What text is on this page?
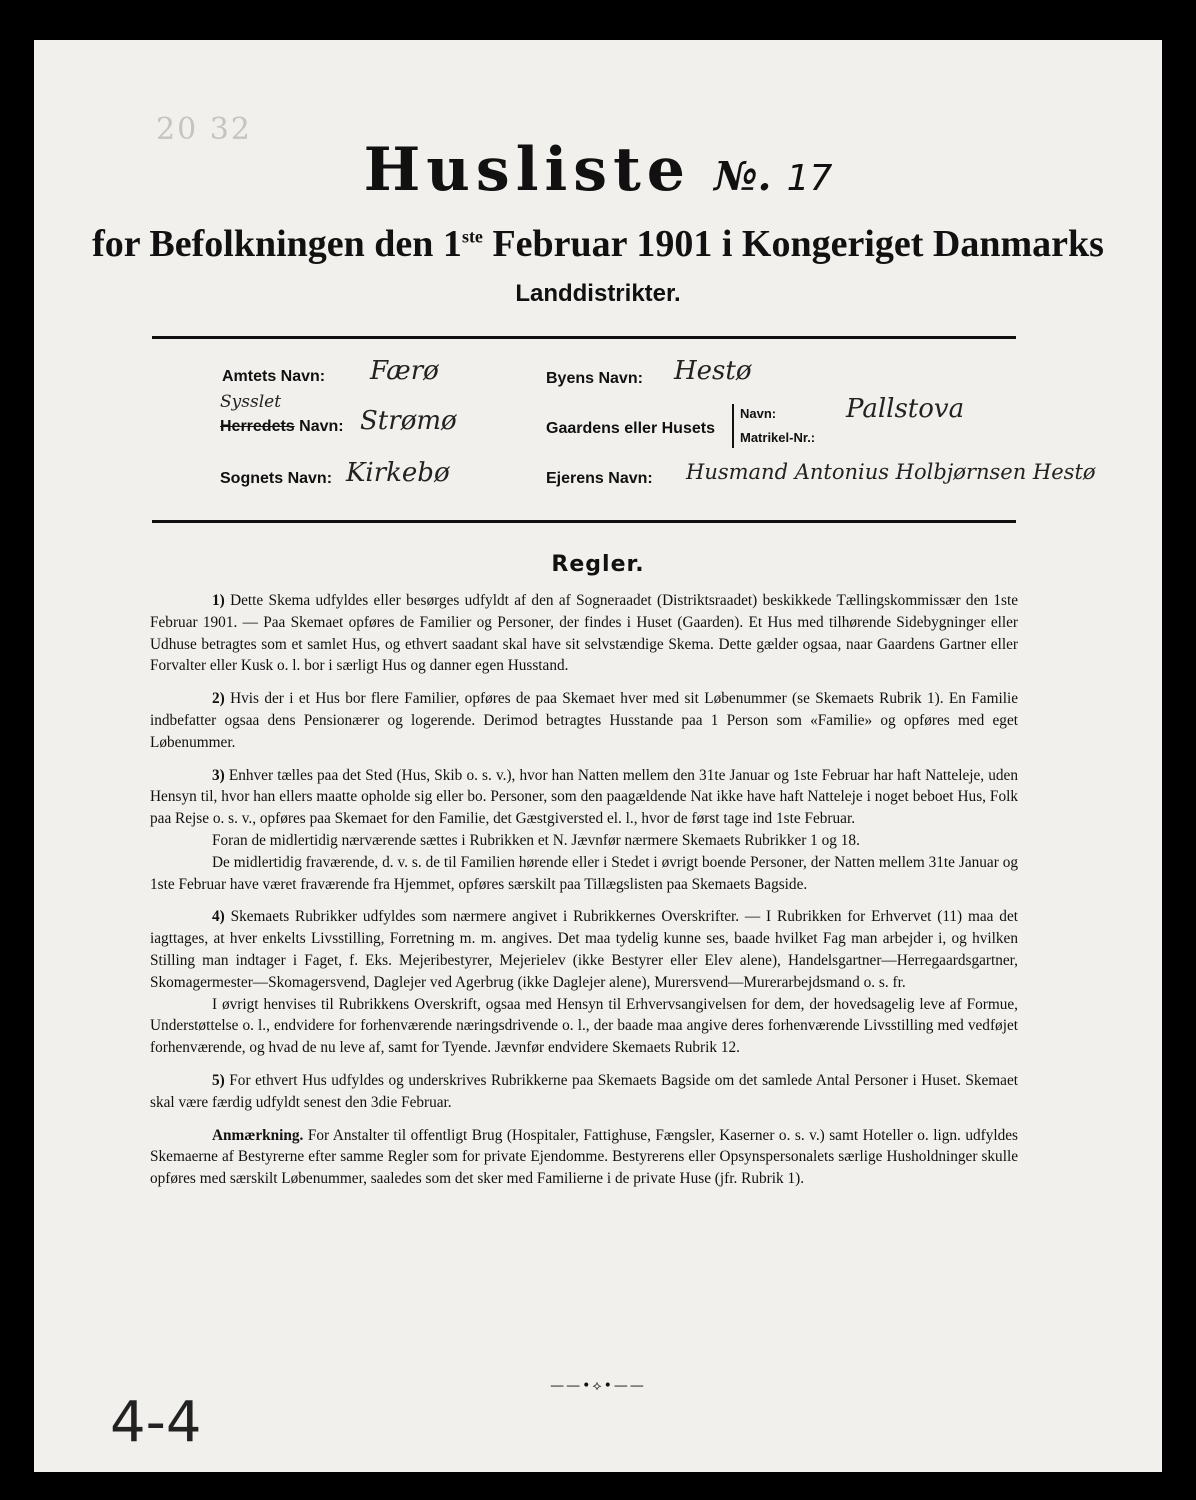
20 32
Husliste №. 17
for Befolkningen den 1ste Februar 1901 i Kongeriget Danmarks
Landdistrikter.
Amtets Navn: Færø
Sysslet
Herredets Navn: Strømø
Sognets Navn: Kirkebø
Byens Navn: Hestø
Gaardens eller Husets
Navn:
Matrikel-Nr.:
Pallstova
Ejerens Navn: Husmand Antonius Holbjørnsen Hestø
Regler.

1) Dette Skema udfyldes eller besørges udfyldt af den af Sogneraadet (Distriktsraadet) beskikkede Tællingskommissær den 1ste Februar 1901. — Paa Skemaet opføres de Familier og Personer, der findes i Huset (Gaarden). Et Hus med tilhørende Sidebygninger eller Udhuse betragtes som et samlet Hus, og ethvert saadant skal have sit selvstændige Skema. Dette gælder ogsaa, naar Gaardens Gartner eller Forvalter eller Kusk o. l. bor i særligt Hus og danner egen Husstand.

2) Hvis der i et Hus bor flere Familier, opføres de paa Skemaet hver med sit Løbenummer (se Skemaets Rubrik 1). En Familie indbefatter ogsaa dens Pensionærer og logerende. Derimod betragtes Husstande paa 1 Person som «Familie» og opføres med eget Løbenummer.

3) Enhver tælles paa det Sted (Hus, Skib o. s. v.), hvor han Natten mellem den 31te Januar og 1ste Februar har haft Natteleje, uden Hensyn til, hvor han ellers maatte opholde sig eller bo. Personer, som den paagældende Nat ikke have haft Natteleje i noget beboet Hus, Folk paa Rejse o. s. v., opføres paa Skemaet for den Familie, det Gæstgiversted el. l., hvor de først tage ind 1ste Februar.

Foran de midlertidig nærværende sættes i Rubrikken et N. Jævnfør nærmere Skemaets Rubrikker 1 og 18.

De midlertidig fraværende, d. v. s. de til Familien hørende eller i Stedet i øvrigt boende Personer, der Natten mellem 31te Januar og 1ste Februar have været fraværende fra Hjemmet, opføres særskilt paa Tillægslisten paa Skemaets Bagside.

4) Skemaets Rubrikker udfyldes som nærmere angivet i Rubrikkernes Overskrifter. — I Rubrikken for Erhvervet (11) maa det iagttages, at hver enkelts Livsstilling, Forretning m. m. angives. Det maa tydelig kunne ses, baade hvilket Fag man arbejder i, og hvilken Stilling man indtager i Faget, f. Eks. Mejeribestyrer, Mejerielev (ikke Bestyrer eller Elev alene), Handelsgartner—Herregaardsgartner, Skomagermester—Skomagersvend, Daglejer ved Agerbrug (ikke Daglejer alene), Murersvend—Murerarbejdsmand o. s. fr.

I øvrigt henvises til Rubrikkens Overskrift, ogsaa med Hensyn til Erhvervsangivelsen for dem, der hovedsagelig leve af Formue, Understøttelse o. l., endvidere for forhenværende næringsdrivende o. l., der baade maa angive deres forhenværende Livsstilling med vedføjet forhenværende, og hvad de nu leve af, samt for Tyende. Jævnfør endvidere Skemaets Rubrik 12.

5) For ethvert Hus udfyldes og underskrives Rubrikkerne paa Skemaets Bagside om det samlede Antal Personer i Huset. Skemaet skal være færdig udfyldt senest den 3die Februar.

Anmærkning. For Anstalter til offentligt Brug (Hospitaler, Fattighuse, Fængsler, Kaserner o. s. v.) samt Hoteller o. lign. udfyldes Skemaerne af Bestyrerne efter samme Regler som for private Ejendomme. Bestyrerens eller Opsynspersonalets særlige Husholdninger skulle opføres med særskilt Løbenummer, saaledes som det sker med Familierne i de private Huse (jfr. Rubrik 1).

——•⟡•——
4-4
